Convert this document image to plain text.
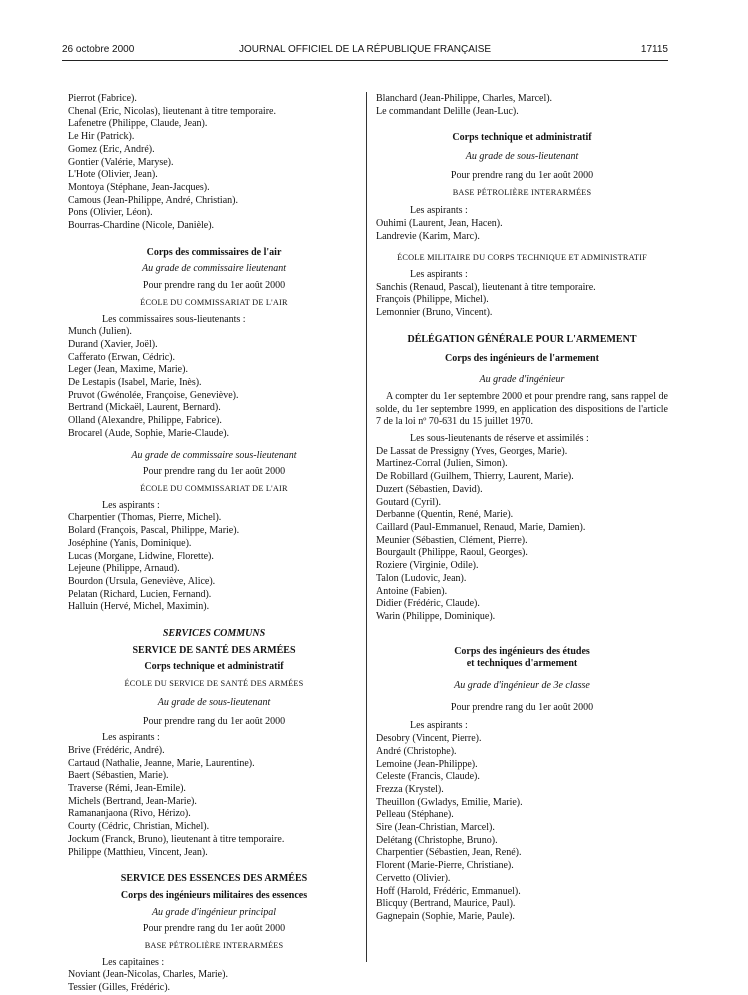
26 octobre 2000	JOURNAL OFFICIEL DE LA RÉPUBLIQUE FRANÇAISE	17115

Pierrot (Fabrice).

Chenal (Eric, Nicolas), lieutenant à titre temporaire.

Lafenetre (Philippe, Claude, Jean).

Le Hir (Patrick).

Gomez (Eric, André).

Gontier (Valérie, Maryse).

L'Hote (Olivier, Jean).

Montoya (Stéphane, Jean-Jacques).

Camous (Jean-Philippe, André, Christian).

Pons (Olivier, Léon).

Bourras-Chardine (Nicole, Danièle).

Corps des commissaires de l'air

Au grade de commissaire lieutenant

Pour prendre rang du 1er août 2000

ÉCOLE DU COMMISSARIAT DE L'AIR

Les commissaires sous-lieutenants :

Munch (Julien).

Durand (Xavier, Joël).

Cafferato (Erwan, Cédric).

Leger (Jean, Maxime, Marie).

De Lestapis (Isabel, Marie, Inès).

Pruvot (Gwénolée, Françoise, Geneviève).

Bertrand (Mickaël, Laurent, Bernard).

Olland (Alexandre, Philippe, Fabrice).

Brocarel (Aude, Sophie, Marie-Claude).

Au grade de commissaire sous-lieutenant

Pour prendre rang du 1er août 2000

ÉCOLE DU COMMISSARIAT DE L'AIR

Les aspirants :

Charpentier (Thomas, Pierre, Michel).

Bolard (François, Pascal, Philippe, Marie).

Joséphine (Yanis, Dominique).

Lucas (Morgane, Lidwine, Florette).

Lejeune (Philippe, Arnaud).

Bourdon (Ursula, Geneviève, Alice).

Pelatan (Richard, Lucien, Fernand).

Halluin (Hervé, Michel, Maximin).

SERVICES COMMUNS

SERVICE DE SANTÉ DES ARMÉES

Corps technique et administratif

ÉCOLE DU SERVICE DE SANTÉ DES ARMÉES

Au grade de sous-lieutenant

Pour prendre rang du 1er août 2000

Les aspirants :

Brive (Frédéric, André).

Cartaud (Nathalie, Jeanne, Marie, Laurentine).

Baert (Sébastien, Marie).

Traverse (Rémi, Jean-Emile).

Michels (Bertrand, Jean-Marie).

Ramananjaona (Rivo, Hérizo).

Courty (Cédric, Christian, Michel).

Jockum (Franck, Bruno), lieutenant à titre temporaire.

Philippe (Matthieu, Vincent, Jean).

SERVICE DES ESSENCES DES ARMÉES

Corps des ingénieurs militaires des essences

Au grade d'ingénieur principal

Pour prendre rang du 1er août 2000

BASE PÉTROLIÈRE INTERARMÉES

Les capitaines :

Noviant (Jean-Nicolas, Charles, Marie).

Tessier (Gilles, Frédéric).

Blanchard (Jean-Philippe, Charles, Marcel).

Le commandant Delille (Jean-Luc).

Corps technique et administratif

Au grade de sous-lieutenant

Pour prendre rang du 1er août 2000

BASE PÉTROLIÈRE INTERARMÉES

Les aspirants :

Ouhimi (Laurent, Jean, Hacen).

Landrevie (Karim, Marc).

ÉCOLE MILITAIRE DU CORPS TECHNIQUE ET ADMINISTRATIF

Les aspirants :

Sanchis (Renaud, Pascal), lieutenant à titre temporaire.

François (Philippe, Michel).

Lemonnier (Bruno, Vincent).

DÉLÉGATION GÉNÉRALE POUR L'ARMEMENT

Corps des ingénieurs de l'armement

Au grade d'ingénieur

A compter du 1er septembre 2000 et pour prendre rang, sans rappel de solde, du 1er septembre 1999, en application des dispositions de l'article 7 de la loi nº 70-631 du 15 juillet 1970.

Les sous-lieutenants de réserve et assimilés :

De Lassat de Pressigny (Yves, Georges, Marie).

Martinez-Corral (Julien, Simon).

De Robillard (Guilhem, Thierry, Laurent, Marie).

Duzert (Sébastien, David).

Goutard (Cyril).

Derbanne (Quentin, René, Marie).

Caillard (Paul-Emmanuel, Renaud, Marie, Damien).

Meunier (Sébastien, Clément, Pierre).

Bourgault (Philippe, Raoul, Georges).

Roziere (Virginie, Odile).

Talon (Ludovic, Jean).

Antoine (Fabien).

Didier (Frédéric, Claude).

Warin (Philippe, Dominique).

Corps des ingénieurs des études

et techniques d'armement

Au grade d'ingénieur de 3e classe

Pour prendre rang du 1er août 2000

Les aspirants :

Desobry (Vincent, Pierre).

André (Christophe).

Lemoine (Jean-Philippe).

Celeste (Francis, Claude).

Frezza (Krystel).

Theuillon (Gwladys, Emilie, Marie).

Pelleau (Stéphane).

Sire (Jean-Christian, Marcel).

Delétang (Christophe, Bruno).

Charpentier (Sébastien, Jean, René).

Florent (Marie-Pierre, Christiane).

Cervetto (Olivier).

Hoff (Harold, Frédéric, Emmanuel).

Blicquy (Bertrand, Maurice, Paul).

Gagnepain (Sophie, Marie, Paule).
